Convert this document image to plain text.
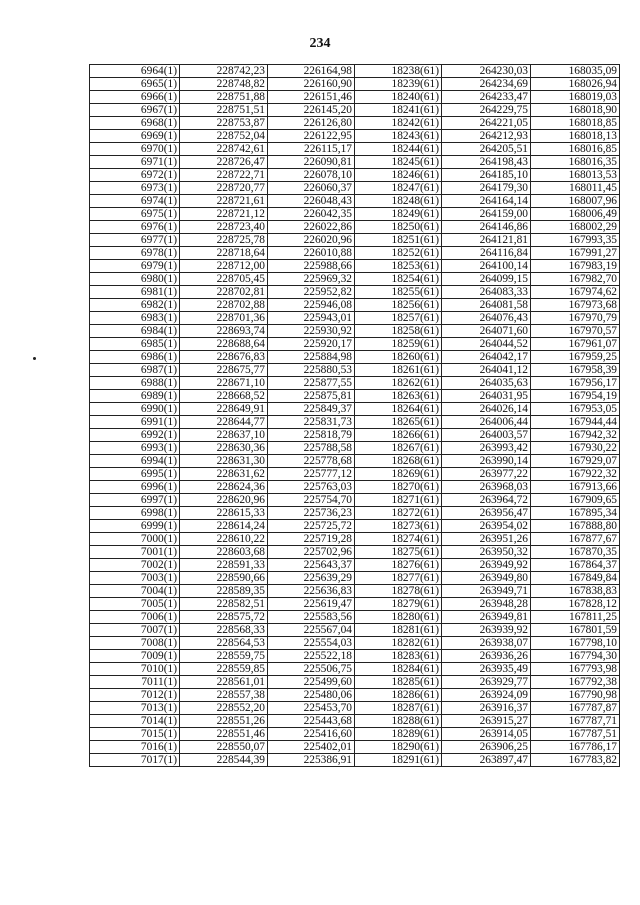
234
6964(1)	228742,23	226164,98	18238(61)	264230,03	168035,09
6965(1)	228748,82	226160,90	18239(61)	264234,69	168026,94
6966(1)	228751,88	226151,46	18240(61)	264233,47	168019,03
6967(1)	228751,51	226145,20	18241(61)	264229,75	168018,90
6968(1)	228753,87	226126,80	18242(61)	264221,05	168018,85
6969(1)	228752,04	226122,95	18243(61)	264212,93	168018,13
6970(1)	228742,61	226115,17	18244(61)	264205,51	168016,85
6971(1)	228726,47	226090,81	18245(61)	264198,43	168016,35
6972(1)	228722,71	226078,10	18246(61)	264185,10	168013,53
6973(1)	228720,77	226060,37	18247(61)	264179,30	168011,45
6974(1)	228721,61	226048,43	18248(61)	264164,14	168007,96
6975(1)	228721,12	226042,35	18249(61)	264159,00	168006,49
6976(1)	228723,40	226022,86	18250(61)	264146,86	168002,29
6977(1)	228725,78	226020,96	18251(61)	264121,81	167993,35
6978(1)	228718,64	226010,88	18252(61)	264116,84	167991,27
6979(1)	228712,00	225988,66	18253(61)	264100,14	167983,19
6980(1)	228705,45	225969,32	18254(61)	264099,15	167982,70
6981(1)	228702,81	225952,82	18255(61)	264083,33	167974,62
6982(1)	228702,88	225946,08	18256(61)	264081,58	167973,68
6983(1)	228701,36	225943,01	18257(61)	264076,43	167970,79
6984(1)	228693,74	225930,92	18258(61)	264071,60	167970,57
6985(1)	228688,64	225920,17	18259(61)	264044,52	167961,07
6986(1)	228676,83	225884,98	18260(61)	264042,17	167959,25
6987(1)	228675,77	225880,53	18261(61)	264041,12	167958,39
6988(1)	228671,10	225877,55	18262(61)	264035,63	167956,17
6989(1)	228668,52	225875,81	18263(61)	264031,95	167954,19
6990(1)	228649,91	225849,37	18264(61)	264026,14	167953,05
6991(1)	228644,77	225831,73	18265(61)	264006,44	167944,44
6992(1)	228637,10	225818,79	18266(61)	264003,57	167942,32
6993(1)	228630,36	225788,58	18267(61)	263993,42	167930,22
6994(1)	228631,30	225778,68	18268(61)	263990,14	167929,07
6995(1)	228631,62	225777,12	18269(61)	263977,22	167922,32
6996(1)	228624,36	225763,03	18270(61)	263968,03	167913,66
6997(1)	228620,96	225754,70	18271(61)	263964,72	167909,65
6998(1)	228615,33	225736,23	18272(61)	263956,47	167895,34
6999(1)	228614,24	225725,72	18273(61)	263954,02	167888,80
7000(1)	228610,22	225719,28	18274(61)	263951,26	167877,67
7001(1)	228603,68	225702,96	18275(61)	263950,32	167870,35
7002(1)	228591,33	225643,37	18276(61)	263949,92	167864,37
7003(1)	228590,66	225639,29	18277(61)	263949,80	167849,84
7004(1)	228589,35	225636,83	18278(61)	263949,71	167838,83
7005(1)	228582,51	225619,47	18279(61)	263948,28	167828,12
7006(1)	228575,72	225583,56	18280(61)	263949,81	167811,25
7007(1)	228568,33	225567,04	18281(61)	263939,92	167801,59
7008(1)	228564,53	225554,03	18282(61)	263938,07	167798,10
7009(1)	228559,75	225522,18	18283(61)	263936,26	167794,30
7010(1)	228559,85	225506,75	18284(61)	263935,49	167793,98
7011(1)	228561,01	225499,60	18285(61)	263929,77	167792,38
7012(1)	228557,38	225480,06	18286(61)	263924,09	167790,98
7013(1)	228552,20	225453,70	18287(61)	263916,37	167787,87
7014(1)	228551,26	225443,68	18288(61)	263915,27	167787,71
7015(1)	228551,46	225416,60	18289(61)	263914,05	167787,51
7016(1)	228550,07	225402,01	18290(61)	263906,25	167786,17
7017(1)	228544,39	225386,91	18291(61)	263897,47	167783,82
